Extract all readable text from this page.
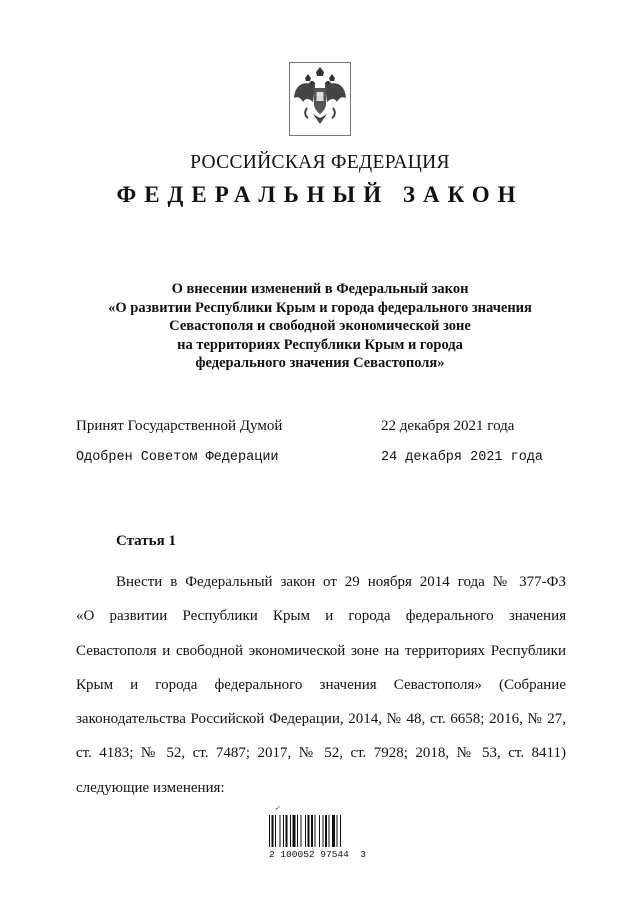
РОССИЙСКАЯ ФЕДЕРАЦИЯ
ФЕДЕРАЛЬНЫЙ ЗАКОН
О внесении изменений в Федеральный закон
«О развитии Республики Крым и города федерального значения
Севастополя и свободной экономической зоне
на территориях Республики Крым и города
федерального значения Севастополя»
Принят Государственной Думой	22 декабря 2021 года
Одобрен Советом Федерации	24 декабря 2021 года
Статья 1
Внести в Федеральный закон от 29 ноября 2014 года № 377-ФЗ
«О развитии Республики Крым и города федерального значения
Севастополя и свободной экономической зоне на территориях Республики
Крым и города федерального значения Севастополя» (Собрание
законодательства Российской Федерации, 2014, № 48, ст. 6658; 2016, № 27,
ст. 4183; № 52, ст. 7487; 2017, № 52, ст. 7928; 2018, № 53, ст. 8411)
следующие изменения:
✓
2 100052 97544  3
